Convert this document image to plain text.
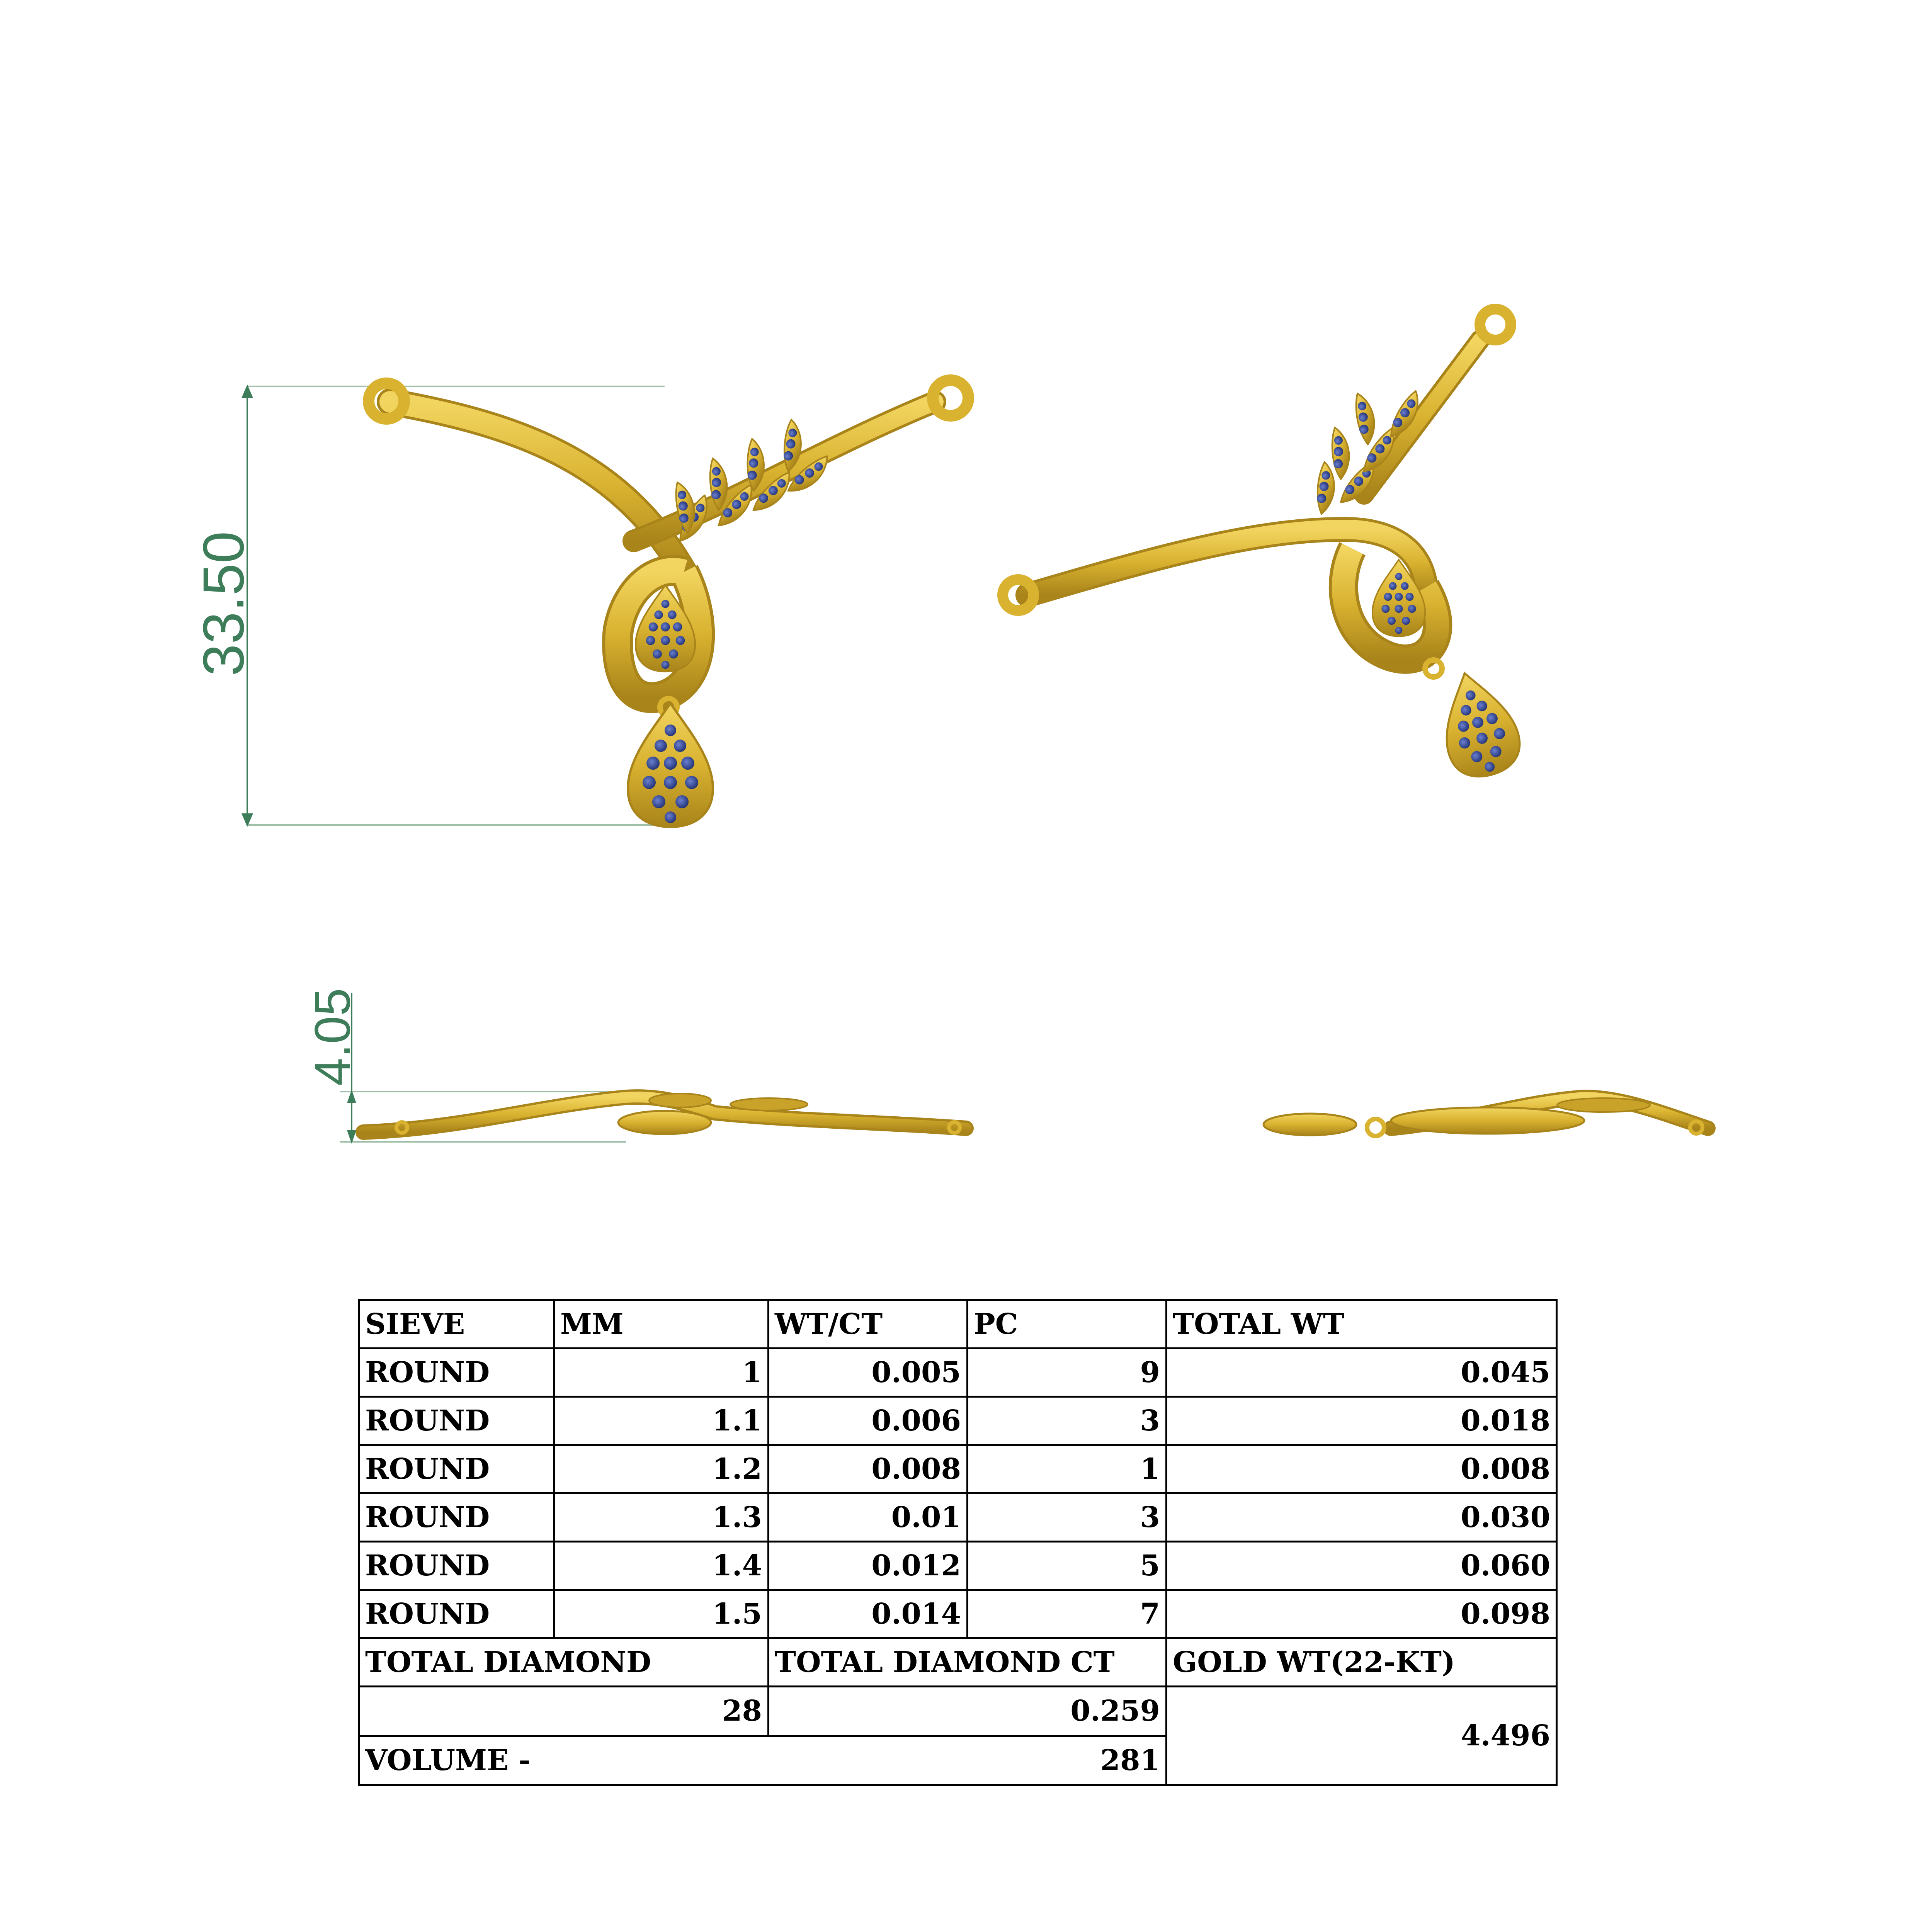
33.50
4.05
SIEVE	MM	WT/CT	PC	TOTAL WT
ROUND	1	0.005	9	0.045
ROUND	1.1	0.006	3	0.018
ROUND	1.2	0.008	1	0.008
ROUND	1.3	0.01	3	0.030
ROUND	1.4	0.012	5	0.060
ROUND	1.5	0.014	7	0.098
TOTAL DIAMOND		TOTAL DIAMOND CT		GOLD WT(22-KT)
28		0.259		4.496
VOLUME -		281		
